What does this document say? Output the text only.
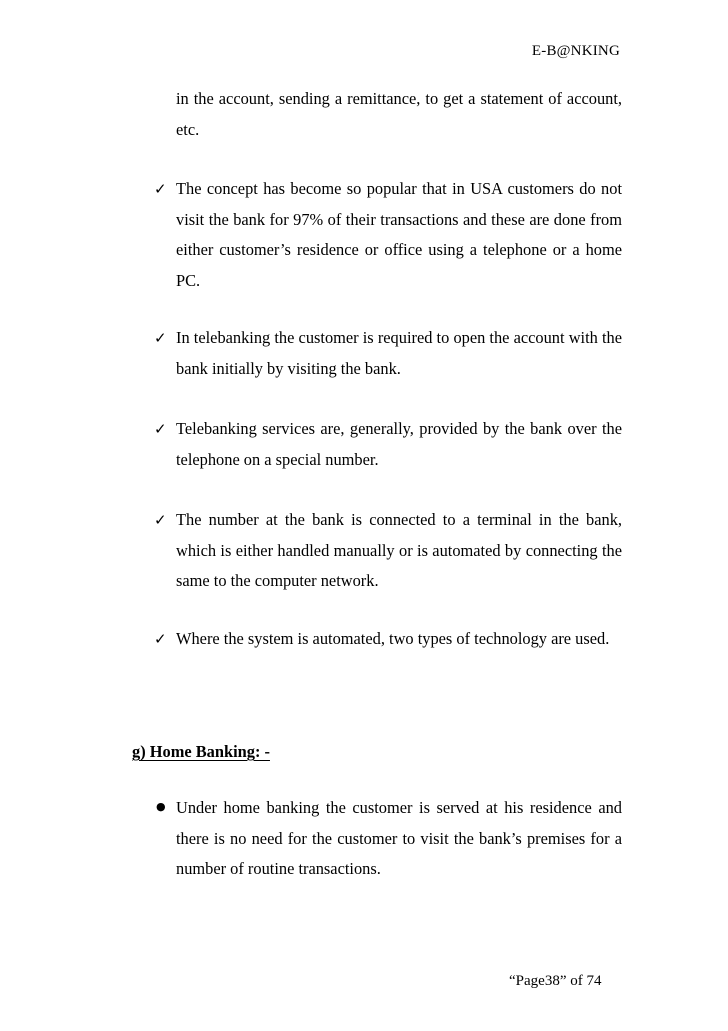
E-B@NKING
in the account, sending a remittance, to get a statement of account, etc.
✓
The concept has become so popular that in USA customers do not visit the bank for 97% of their transactions and these are done from either customer’s residence or office using a telephone or a home PC.
✓
In telebanking the customer is required to open the account with the bank initially by visiting the bank.
✓
Telebanking services are, generally, provided by the bank over the telephone on a special number.
✓
The number at the bank is connected to a terminal in the bank, which is either handled manually or is automated by connecting the same to the computer network.
✓
Where the system is automated, two types of technology are used.
g) Home Banking: -
●
Under home banking the customer is served at his residence and there is no need for the customer to visit the bank’s premises for a number of routine transactions.
“Page38” of 74
